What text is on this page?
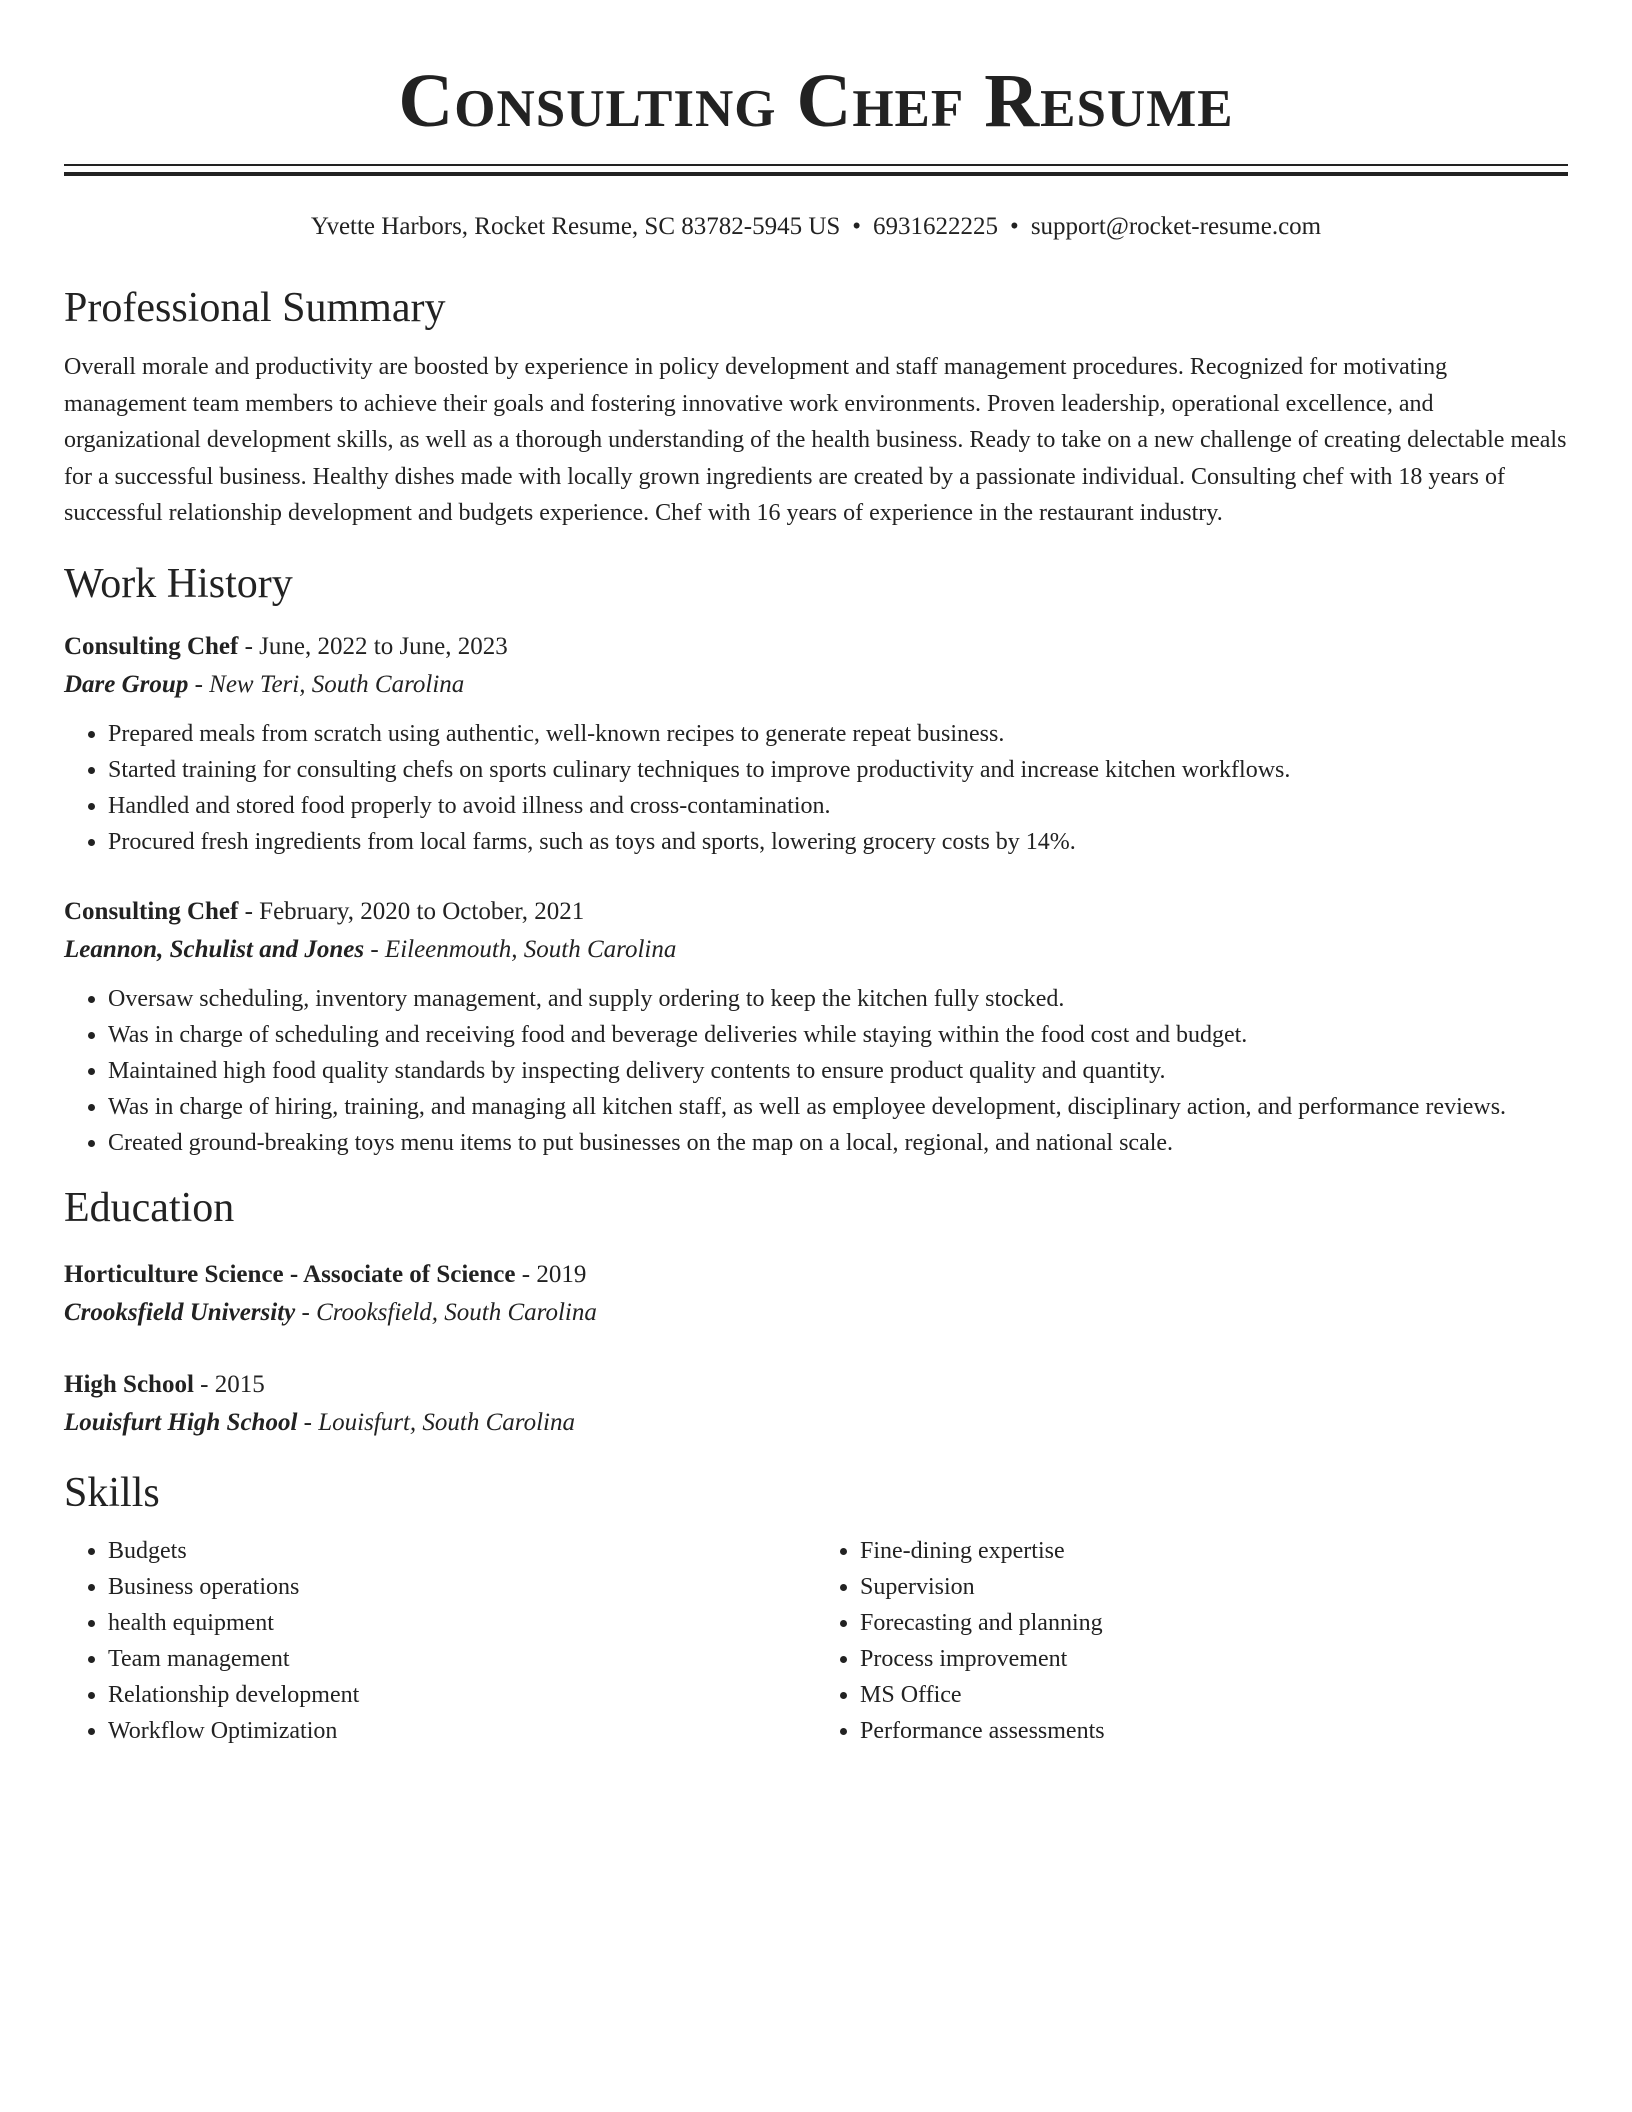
Consulting Chef Resume
Yvette Harbors, Rocket Resume, SC 83782-5945 US • 6931622225 • support@rocket-resume.com
Professional Summary

Overall morale and productivity are boosted by experience in policy development and staff management procedures. Recognized for motivating management team members to achieve their goals and fostering innovative work environments. Proven leadership, operational excellence, and organizational development skills, as well as a thorough understanding of the health business. Ready to take on a new challenge of creating delectable meals for a successful business. Healthy dishes made with locally grown ingredients are created by a passionate individual. Consulting chef with 18 years of successful relationship development and budgets experience. Chef with 16 years of experience in the restaurant industry.

Work History
Consulting Chef - June, 2022 to June, 2023
Dare Group - New Teri, South Carolina
• Prepared meals from scratch using authentic, well-known recipes to generate repeat business.
• Started training for consulting chefs on sports culinary techniques to improve productivity and increase kitchen workflows.
• Handled and stored food properly to avoid illness and cross-contamination.
• Procured fresh ingredients from local farms, such as toys and sports, lowering grocery costs by 14%.
Consulting Chef - February, 2020 to October, 2021
Leannon, Schulist and Jones - Eileenmouth, South Carolina
• Oversaw scheduling, inventory management, and supply ordering to keep the kitchen fully stocked.
• Was in charge of scheduling and receiving food and beverage deliveries while staying within the food cost and budget.
• Maintained high food quality standards by inspecting delivery contents to ensure product quality and quantity.
• Was in charge of hiring, training, and managing all kitchen staff, as well as employee development, disciplinary action, and performance reviews.
• Created ground-breaking toys menu items to put businesses on the map on a local, regional, and national scale.
Education
Horticulture Science - Associate of Science - 2019
Crooksfield University - Crooksfield, South Carolina
High School - 2015
Louisfurt High School - Louisfurt, South Carolina
Skills
• Budgets
• Business operations
• health equipment
• Team management
• Relationship development
• Workflow Optimization
• Fine-dining expertise
• Supervision
• Forecasting and planning
• Process improvement
• MS Office
• Performance assessments
